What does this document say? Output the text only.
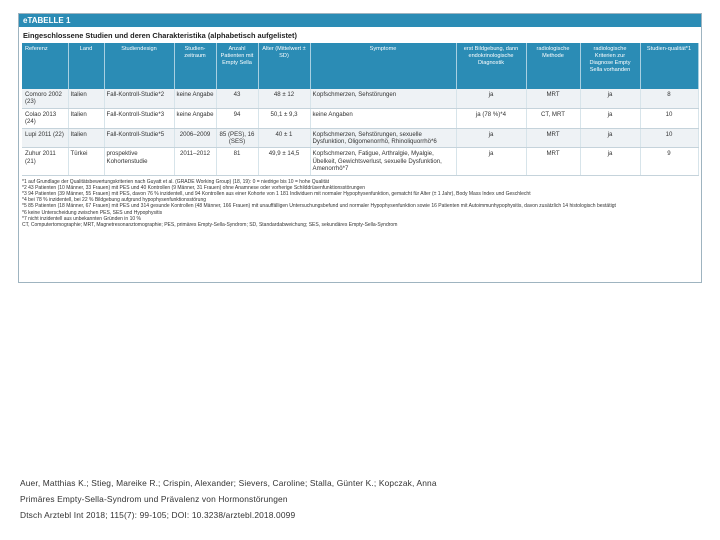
eTABELLE 1
Eingeschlossene Studien und deren Charakteristika (alphabetisch aufgelistet)
Referenz	Land	Studiendesign	Studien-zeitraum	Anzahl Patienten mit Empty Sella	Alter (Mittelwert ± SD)	Symptome	erst Bildgebung, dann endokrinologische Diagnostik	radiologische Methode	radiologische Kriterien zur Diagnose Empty Sella vorhanden	Studien-qualität*1
Comoro 2002 (23)	Italien	Fall-Kontroll-Studie*2	keine Angabe	43	48 ± 12	Kopfschmerzen, Sehstörungen	ja	MRT	ja	8
Colao 2013 (24)	Italien	Fall-Kontroll-Studie*3	keine Angabe	94	50,1 ± 9,3	keine Angaben	ja (78 %)*4	CT, MRT	ja	10
Lupi 2011 (22)	Italien	Fall-Kontroll-Studie*5	2006–2009	85 (PES), 16 (SES)	40 ± 1	Kopfschmerzen, Sehstörungen, sexuelle Dysfunktion, Oligomenorrhö, Rhinoliquorrhö*6	ja	MRT	ja	10
Zuhur 2011 (21)	Türkei	prospektive Kohortenstudie	2011–2012	81	49,9 ± 14,5	Kopfschmerzen, Fatigue, Arthralgie, Myalgie, Übelkeit, Gewichtsverlust, sexuelle Dysfunktion, Amenorrhö*7	ja	MRT	ja	9
*1 auf Grundlage der Qualitätsbewertungskriterien nach Guyatt et al. (GRADE Working Group) (18, 19): 0 = niedrige bis 10 = hohe Qualität
*2 43 Patienten (10 Männer, 33 Frauen) mit PES und 40 Kontrollen (9 Männer, 31 Frauen) ohne Anamnese oder vorherige Schilddrüsenfunktionsstörungen
*3 94 Patienten (39 Männer, 55 Frauen) mit PES, davon 76 % inzidentell, und 94 Kontrollen aus einer Kohorte von 1 181 Individuen mit normaler Hypophysenfunktion, gematcht für Alter (± 1 Jahr), Body Mass Index und Geschlecht
*4 bei 78 % inzidentell, bei 22 % Bildgebung aufgrund hypophysenfunktionsstörung
*5 85 Patienten (18 Männer, 67 Frauen) mit PES und 314 gesunde Kontrollen (48 Männer, 166 Frauen) mit unauffälligen Untersuchungsbefund und normaler Hypophysenfunktion sowie 16 Patienten mit Autoimmunhypophysitis, davon zusätzlich 14 histologisch bestätigt
*6 keine Unterscheidung zwischen PES, SES und Hypophysitis
*7 nicht inzidentell aus unbekannten Gründen in 10 %
CT, Computertomographie; MRT, Magnetresonanztomographie; PES, primäres Empty-Sella-Syndrom; SD, Standardabweichung; SES, sekundäres Empty-Sella-Syndrom
Auer, Matthias K.; Stieg, Mareike R.; Crispin, Alexander; Sievers, Caroline; Stalla, Günter K.; Kopczak, Anna
Primäres Empty-Sella-Syndrom und Prävalenz von Hormonstörungen
Dtsch Arztebl Int 2018; 115(7): 99-105; DOI: 10.3238/arztebl.2018.0099
